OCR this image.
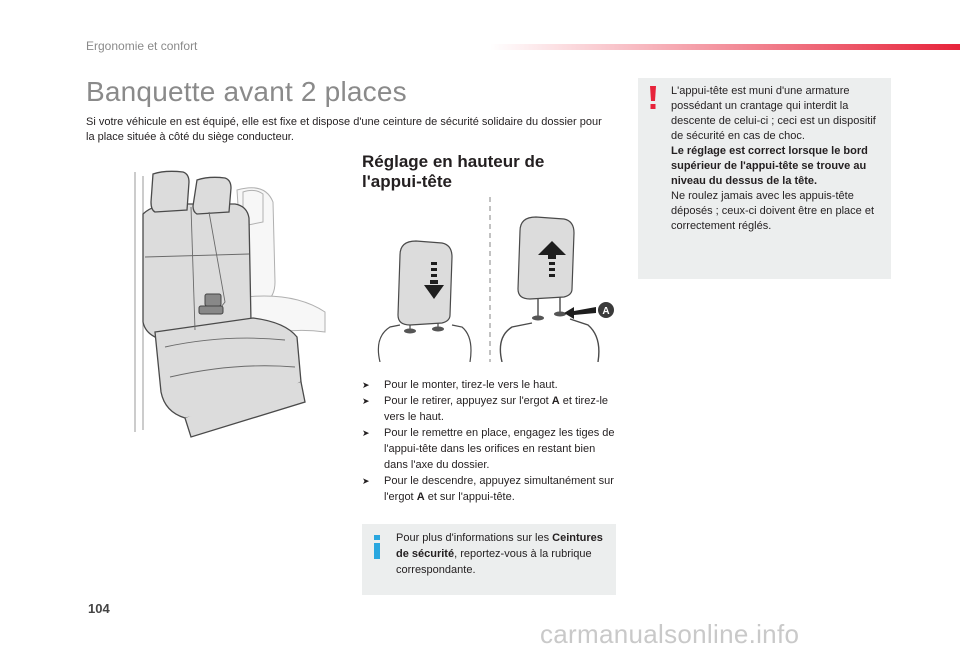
Ergonomie et confort
Banquette avant 2 places
Si votre véhicule en est équipé, elle est fixe et dispose d'une ceinture de sécurité solidaire du dossier pour la place située à côté du siège conducteur.
A
Réglage en hauteur de l'appui-tête
➤ Pour le monter, tirez-le vers le haut.
➤ Pour le retirer, appuyez sur l'ergot A et tirez-le vers le haut.
➤ Pour le remettre en place, engagez les tiges de l'appui-tête dans les orifices en restant bien dans l'axe du dossier.
➤ Pour le descendre, appuyez simultanément sur l'ergot A et sur l'appui-tête.
Pour plus d'informations sur les Ceintures de sécurité, reportez-vous à la rubrique correspondante.
L'appui-tête est muni d'une armature possédant un crantage qui interdit la descente de celui-ci ; ceci est un dispositif de sécurité en cas de choc.
Le réglage est correct lorsque le bord supérieur de l'appui-tête se trouve au niveau du dessus de la tête.
Ne roulez jamais avec les appuis-tête déposés ; ceux-ci doivent être en place et correctement réglés.
104
carmanualsonline.info
